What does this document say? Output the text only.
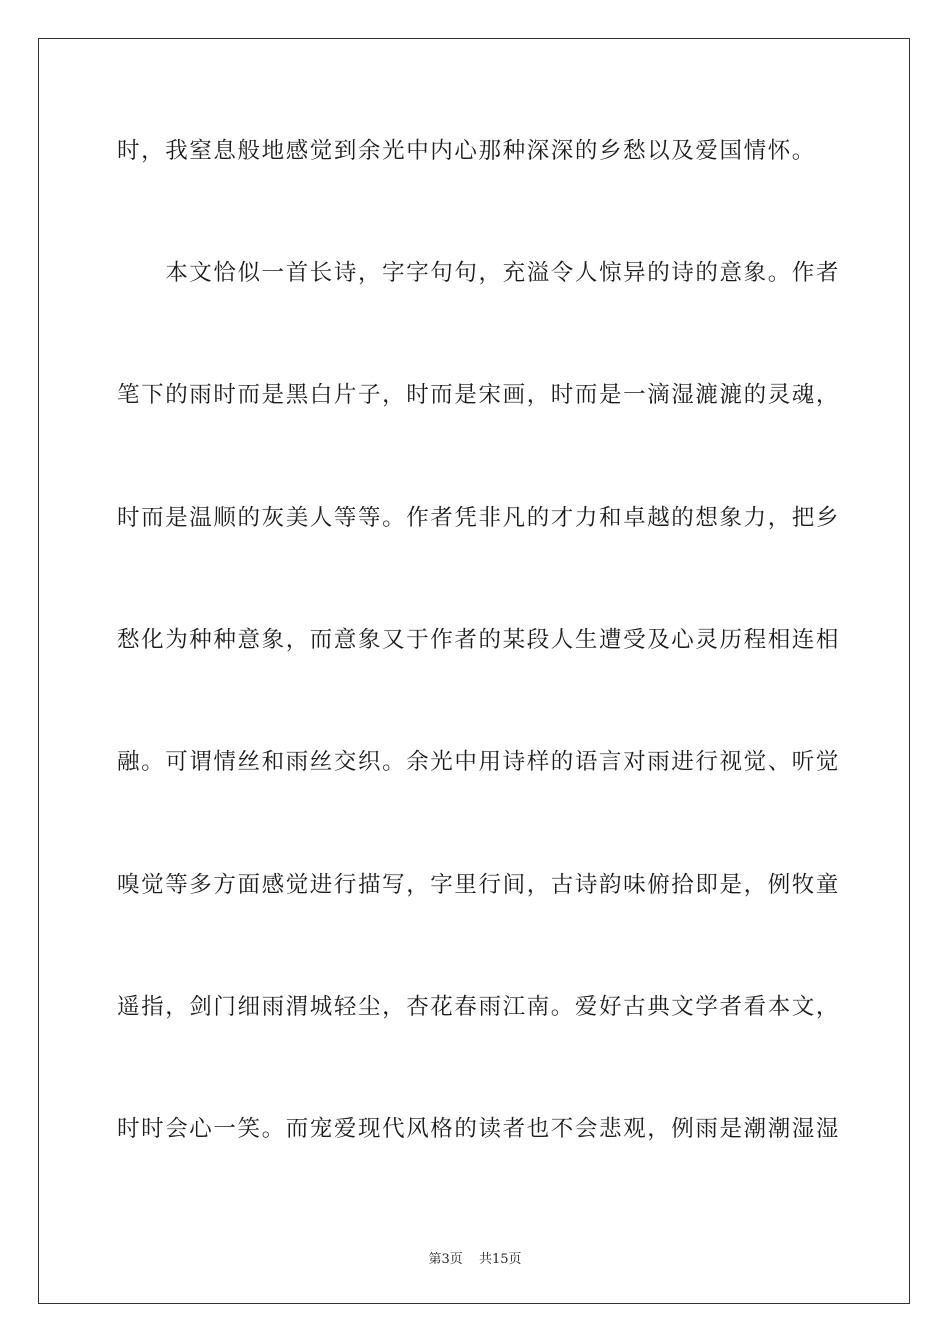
时，我窒息般地感觉到余光中内心那种深深的乡愁以及爱国情怀。
　　本文恰似一首长诗，字字句句，充溢令人惊异的诗的意象。作者
笔下的雨时而是黑白片子，时而是宋画，时而是一滴湿漉漉的灵魂，
时而是温顺的灰美人等等。作者凭非凡的才力和卓越的想象力，把乡
愁化为种种意象，而意象又于作者的某段人生遭受及心灵历程相连相
融。可谓情丝和雨丝交织。余光中用诗样的语言对雨进行视觉、听觉
嗅觉等多方面感觉进行描写，字里行间，古诗韵味俯拾即是，例牧童
遥指，剑门细雨渭城轻尘，杏花春雨江南。爱好古典文学者看本文，
时时会心一笑。而宠爱现代风格的读者也不会悲观，例雨是潮潮湿湿
第3页 共15页
